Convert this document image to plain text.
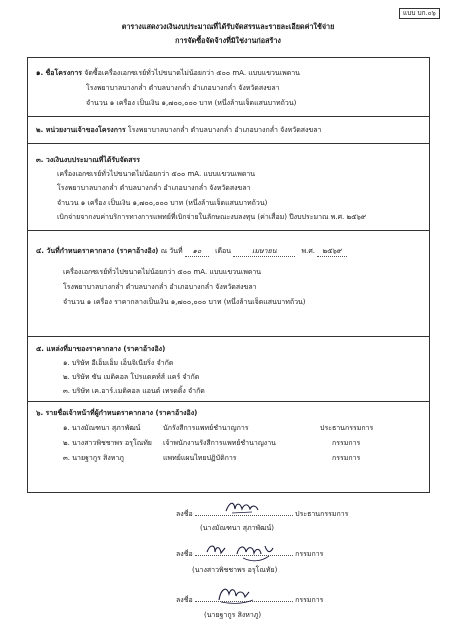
แบบ บก.๐๖
ตารางแสดงวงเงินงบประมาณที่ได้รับจัดสรรและรายละเอียดค่าใช้จ่าย
การจัดซื้อจัดจ้างที่มิใช่งานก่อสร้าง
๑. ชื่อโครงการ จัดซื้อเครื่องเอกซเรย์ทั่วไปขนาดไม่น้อยกว่า ๕๐๐ mA. แบบแขวนเพดาน
โรงพยาบาลบางกล่ำ ตำบลบางกล่ำ อำเภอบางกล่ำ จังหวัดสงขลา
จำนวน ๑ เครื่อง เป็นเงิน ๑,๗๐๐,๐๐๐ บาท (หนึ่งล้านเจ็ดแสนบาทถ้วน)
๒. หน่วยงานเจ้าของโครงการ โรงพยาบาลบางกล่ำ ตำบลบางกล่ำ อำเภอบางกล่ำ จังหวัดสงขลา
๓. วงเงินงบประมาณที่ได้รับจัดสรร
เครื่องเอกซเรย์ทั่วไปขนาดไม่น้อยกว่า ๕๐๐ mA. แบบแขวนเพดาน
โรงพยาบาลบางกล่ำ ตำบลบางกล่ำ อำเภอบางกล่ำ จังหวัดสงขลา
จำนวน ๑ เครื่อง เป็นเงิน ๑,๗๐๐,๐๐๐ บาท (หนึ่งล้านเจ็ดแสนบาทถ้วน)
เบิกจ่ายจากงบค่าบริการทางการแพทย์ที่เบิกจ่ายในลักษณะงบลงทุน (ค่าเสื่อม) ปีงบประมาณ พ.ศ. ๒๕๖๙
๔. วันที่กำหนดราคากลาง (ราคาอ้างอิง) ณ วันที่ ๑๐ เดือน	เมษายน	พ.ศ. ๒๕๖๙
เครื่องเอกซเรย์ทั่วไปขนาดไม่น้อยกว่า ๕๐๐ mA. แบบแขวนเพดาน
โรงพยาบาลบางกล่ำ ตำบลบางกล่ำ อำเภอบางกล่ำ จังหวัดสงขลา
จำนวน ๑ เครื่อง ราคากลางเป็นเงิน ๑,๗๐๐,๐๐๐ บาท (หนึ่งล้านเจ็ดแสนบาทถ้วน)
๕. แหล่งที่มาของราคากลาง (ราคาอ้างอิง)
๑. บริษัท อีเอ็มเอ็ม เอ็นจิเนียริ่ง จำกัด
๒. บริษัท ซัน เมดิคอล โปรแดคท์ส์ แคร์ จำกัด
๓. บริษัท เค.อาร์.เมดิคอล แอนด์ เทรดดิ้ง จำกัด
๖. รายชื่อเจ้าหน้าที่ผู้กำหนดราคากลาง (ราคาอ้างอิง)
๑. นางมัณฑนา สุภาพัฒน์	นักรังสีการแพทย์ชำนาญการ	ประธานกรรมการ
๒. นางสาวพิชชาพร อรุโณทัย เจ้าพนักงานรังสีการแพทย์ชำนาญงาน	กรรมการ
๓. นายฐากูร สิงหาภู	แพทย์แผนไทยปฏิบัติการ	กรรมการ
ลงชื่อ	ประธานกรรมการ
(นางมัณฑนา สุภาพัฒน์)
ลงชื่อ	กรรมการ
(นางสาวพิชชาพร อรุโณทัย)
ลงชื่อ	กรรมการ
(นายฐากูร สิงหาภู)
